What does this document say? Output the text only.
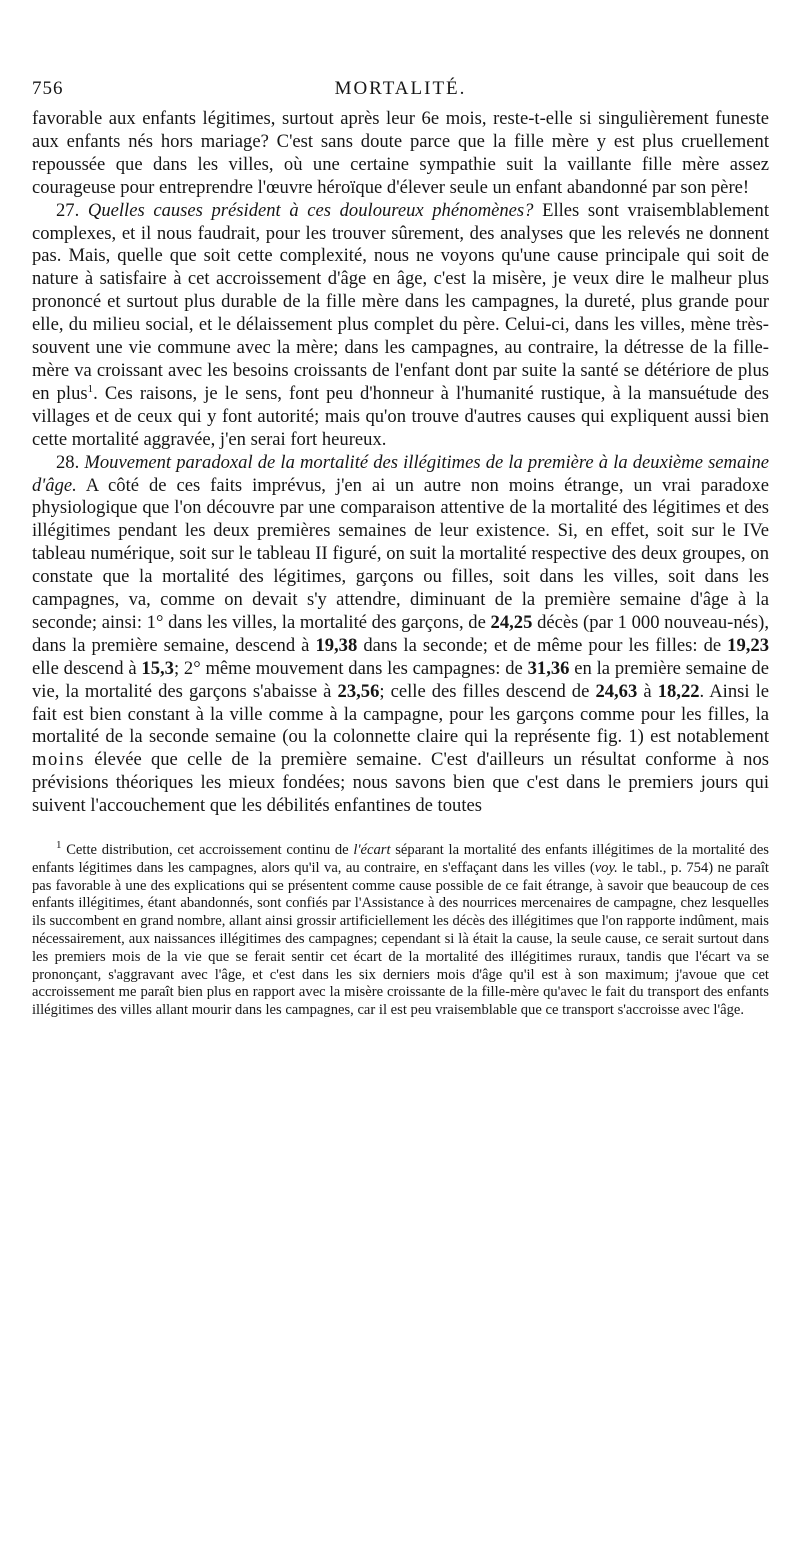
756	MORTALITÉ.

favorable aux enfants légitimes, surtout après leur 6e mois, reste-t-elle si singulièrement funeste aux enfants nés hors mariage? C'est sans doute parce que la fille mère y est plus cruellement repoussée que dans les villes, où une certaine sympathie suit la vaillante fille mère assez courageuse pour entreprendre l'œuvre héroïque d'élever seule un enfant abandonné par son père!

27. Quelles causes président à ces douloureux phénomènes? Elles sont vraisemblablement complexes, et il nous faudrait, pour les trouver sûrement, des analyses que les relevés ne donnent pas. Mais, quelle que soit cette complexité, nous ne voyons qu'une cause principale qui soit de nature à satisfaire à cet accroissement d'âge en âge, c'est la misère, je veux dire le malheur plus prononcé et surtout plus durable de la fille mère dans les campagnes, la dureté, plus grande pour elle, du milieu social, et le délaissement plus complet du père. Celui-ci, dans les villes, mène très-souvent une vie commune avec la mère; dans les campagnes, au contraire, la détresse de la fille-mère va croissant avec les besoins croissants de l'enfant dont par suite la santé se détériore de plus en plus$^1$. Ces raisons, je le sens, font peu d'honneur à l'humanité rustique, à la mansuétude des villages et de ceux qui y font autorité; mais qu'on trouve d'autres causes qui expliquent aussi bien cette mortalité aggravée, j'en serai fort heureux.

28. Mouvement paradoxal de la mortalité des illégitimes de la première à la deuxième semaine d'âge. A côté de ces faits imprévus, j'en ai un autre non moins étrange, un vrai paradoxe physiologique que l'on découvre par une comparaison attentive de la mortalité des légitimes et des illégitimes pendant les deux premières semaines de leur existence. Si, en effet, soit sur le IVe tableau numérique, soit sur le tableau II figuré, on suit la mortalité respective des deux groupes, on constate que la mortalité des légitimes, garçons ou filles, soit dans les villes, soit dans les campagnes, va, comme on devait s'y attendre, diminuant de la première semaine d'âge à la seconde; ainsi: 1° dans les villes, la mortalité des garçons, de 24,25 décès (par 1 000 nouveau-nés), dans la première semaine, descend à 19,38 dans la seconde; et de même pour les filles: de 19,23 elle descend à 15,3; 2° même mouvement dans les campagnes: de 31,36 en la première semaine de vie, la mortalité des garçons s'abaisse à 23,56; celle des filles descend de 24,63 à 18,22. Ainsi le fait est bien constant à la ville comme à la campagne, pour les garçons comme pour les filles, la mortalité de la seconde semaine (ou la colonnette claire qui la représente fig. 1) est notablement moins élevée que celle de la première semaine. C'est d'ailleurs un résultat conforme à nos prévisions théoriques les mieux fondées; nous savons bien que c'est dans le premiers jours qui suivent l'accouchement que les débilités enfantines de toutes

$^1$ Cette distribution, cet accroissement continu de l'écart séparant la mortalité des enfants illégitimes de la mortalité des enfants légitimes dans les campagnes, alors qu'il va, au contraire, en s'effaçant dans les villes (voy. le tabl., p. 754) ne paraît pas favorable à une des explications qui se présentent comme cause possible de ce fait étrange, à savoir que beaucoup de ces enfants illégitimes, étant abandonnés, sont confiés par l'Assistance à des nourrices mercenaires de campagne, chez lesquelles ils succombent en grand nombre, allant ainsi grossir artificiellement les décès des illégitimes que l'on rapporte indûment, mais nécessairement, aux naissances illégitimes des campagnes; cependant si là était la cause, la seule cause, ce serait surtout dans les premiers mois de la vie que se ferait sentir cet écart de la mortalité des illégitimes ruraux, tandis que l'écart va se prononçant, s'aggravant avec l'âge, et c'est dans les six derniers mois d'âge qu'il est à son maximum; j'avoue que cet accroissement me paraît bien plus en rapport avec la misère croissante de la fille-mère qu'avec le fait du transport des enfants illégitimes des villes allant mourir dans les campagnes, car il est peu vraisemblable que ce transport s'accroisse avec l'âge.
